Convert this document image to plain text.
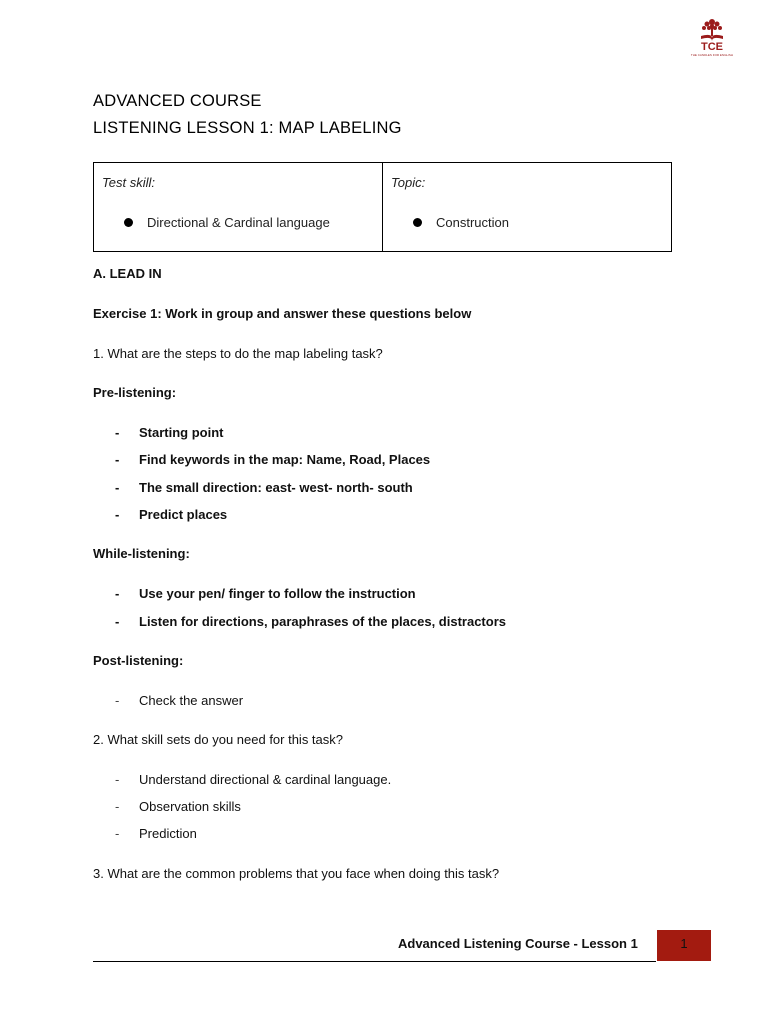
TCE
THE CANDLES FOR ENGLISH
ADVANCED COURSE
LISTENING LESSON 1: MAP LABELING
Test skill:
Directional & Cardinal language
Topic:
Construction
A. LEAD IN
Exercise 1: Work in group and answer these questions below
1. What are the steps to do the map labeling task?
Pre-listening:
- Starting point
- Find keywords in the map: Name, Road, Places
- The small direction: east- west- north- south
- Predict places
While-listening:
- Use your pen/ finger to follow the instruction
- Listen for directions, paraphrases of the places, distractors
Post-listening:
- Check the answer
2. What skill sets do you need for this task?
- Understand directional & cardinal language.
- Observation skills
- Prediction
3. What are the common problems that you face when doing this task?
Advanced Listening Course - Lesson 1	1
